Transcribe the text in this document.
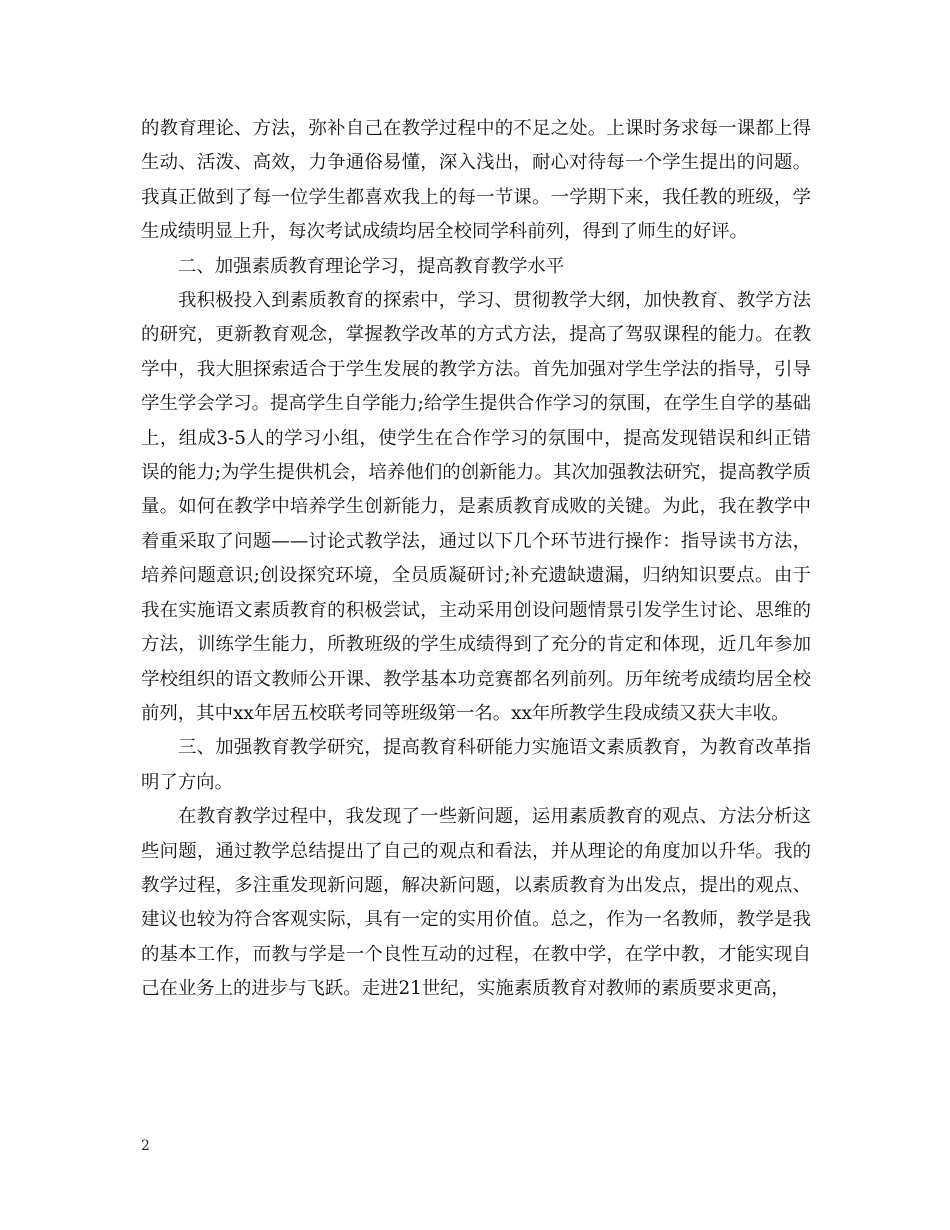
的教育理论、方法，弥补自己在教学过程中的不足之处。上课时务求每一课都上得生动、活泼、高效，力争通俗易懂，深入浅出，耐心对待每一个学生提出的问题。我真正做到了每一位学生都喜欢我上的每一节课。一学期下来，我任教的班级，学生成绩明显上升，每次考试成绩均居全校同学科前列，得到了师生的好评。

二、加强素质教育理论学习，提高教育教学水平

我积极投入到素质教育的探索中，学习、贯彻教学大纲，加快教育、教学方法的研究，更新教育观念，掌握教学改革的方式方法，提高了驾驭课程的能力。在教学中，我大胆探索适合于学生发展的教学方法。首先加强对学生学法的指导，引导学生学会学习。提高学生自学能力;给学生提供合作学习的氛围，在学生自学的基础上，组成3-5人的学习小组，使学生在合作学习的氛围中，提高发现错误和纠正错误的能力;为学生提供机会，培养他们的创新能力。其次加强教法研究，提高教学质量。如何在教学中培养学生创新能力，是素质教育成败的关键。为此，我在教学中着重采取了问题——讨论式教学法，通过以下几个环节进行操作：指导读书方法，培养问题意识;创设探究环境，全员质凝研讨;补充遗缺遗漏，归纳知识要点。由于我在实施语文素质教育的积极尝试，主动采用创设问题情景引发学生讨论、思维的方法，训练学生能力，所教班级的学生成绩得到了充分的肯定和体现，近几年参加学校组织的语文教师公开课、教学基本功竞赛都名列前列。历年统考成绩均居全校前列，其中xx年居五校联考同等班级第一名。xx年所教学生段成绩又获大丰收。

三、加强教育教学研究，提高教育科研能力实施语文素质教育，为教育改革指明了方向。

在教育教学过程中，我发现了一些新问题，运用素质教育的观点、方法分析这些问题，通过教学总结提出了自己的观点和看法，并从理论的角度加以升华。我的教学过程，多注重发现新问题，解决新问题，以素质教育为出发点，提出的观点、建议也较为符合客观实际，具有一定的实用价值。总之，作为一名教师，教学是我的基本工作，而教与学是一个良性互动的过程，在教中学，在学中教，才能实现自己在业务上的进步与飞跃。走进21世纪，实施素质教育对教师的素质要求更高，

2
